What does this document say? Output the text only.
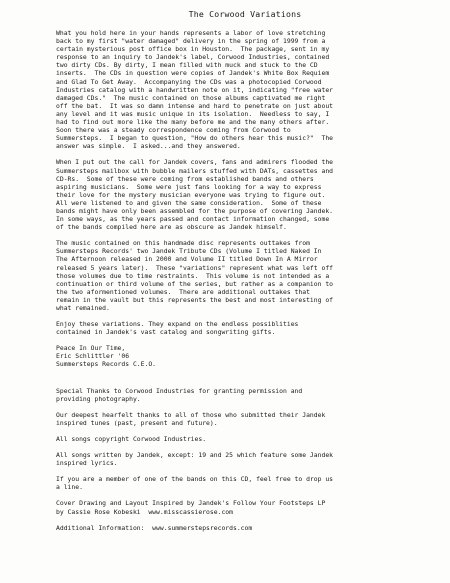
The Corwood Variations
What you hold here in your hands represents a labor of love stretching
back to my first "water damaged" delivery in the spring of 1999 from a
certain mysterious post office box in Houston.  The package, sent in my
response to an inquiry to Jandek's label, Corwood Industries, contained
two dirty CDs. By dirty, I mean filled with muck and stuck to the CD
inserts.  The CDs in question were copies of Jandek's White Box Requiem
and Glad To Get Away.  Accompanying the CDs was a photocopied Corwood
Industries catalog with a handwritten note on it, indicating "free water
damaged CDs."  The music contained on those albums captivated me right
off the bat.  It was so damn intense and hard to penetrate on just about
any level and it was music unique in its isolation.  Needless to say, I
had to find out more like the many before me and the many others after.
Soon there was a steady correspondence coming from Corwood to
Summersteps.  I began to question, "How do others hear this music?"  The
answer was simple.  I asked...and they answered.
When I put out the call for Jandek covers, fans and admirers flooded the
Summersteps mailbox with bubble mailers stuffed with DATs, cassettes and
CD-Rs.  Some of these were coming from established bands and others
aspiring musicians.  Some were just fans looking for a way to express
their love for the mystery musician everyone was trying to figure out.
All were listened to and given the same consideration.  Some of these
bands might have only been assembled for the purpose of covering Jandek.
In some ways, as the years passed and contact information changed, some
of the bands compiled here are as obscure as Jandek himself.
The music contained on this handmade disc represents outtakes from
Summersteps Records' two Jandek Tribute CDs (Volume I titled Naked In
The Afternoon released in 2000 and Volume II titled Down In A Mirror
released 5 years later).  These "variations" represent what was left off
those volumes due to time restraints.  This volume is not intended as a
continuation or third volume of the series, but rather as a companion to
the two aformentioned volumes.  There are additional outtakes that
remain in the vault but this represents the best and most interesting of
what remained.
Enjoy these variations. They expand on the endless possiblities
contained in Jandek's vast catalog and songwriting gifts.
Peace In Our Time,
Eric Schlittler '06
Summersteps Records C.E.O.
Special Thanks to Corwood Industries for granting permission and
providing photography.
Our deepest hearfelt thanks to all of those who submitted their Jandek
inspired tunes (past, present and future).
All songs copyright Corwood Industries.
All songs written by Jandek, except: 19 and 25 which feature some Jandek
inspired lyrics.
If you are a member of one of the bands on this CD, feel free to drop us
a line.
Cover Drawing and Layout Inspired by Jandek's Follow Your Footsteps LP
by Cassie Rose Kobeski  www.misscassierose.com
Additional Information:  www.summerstepsrecords.com
